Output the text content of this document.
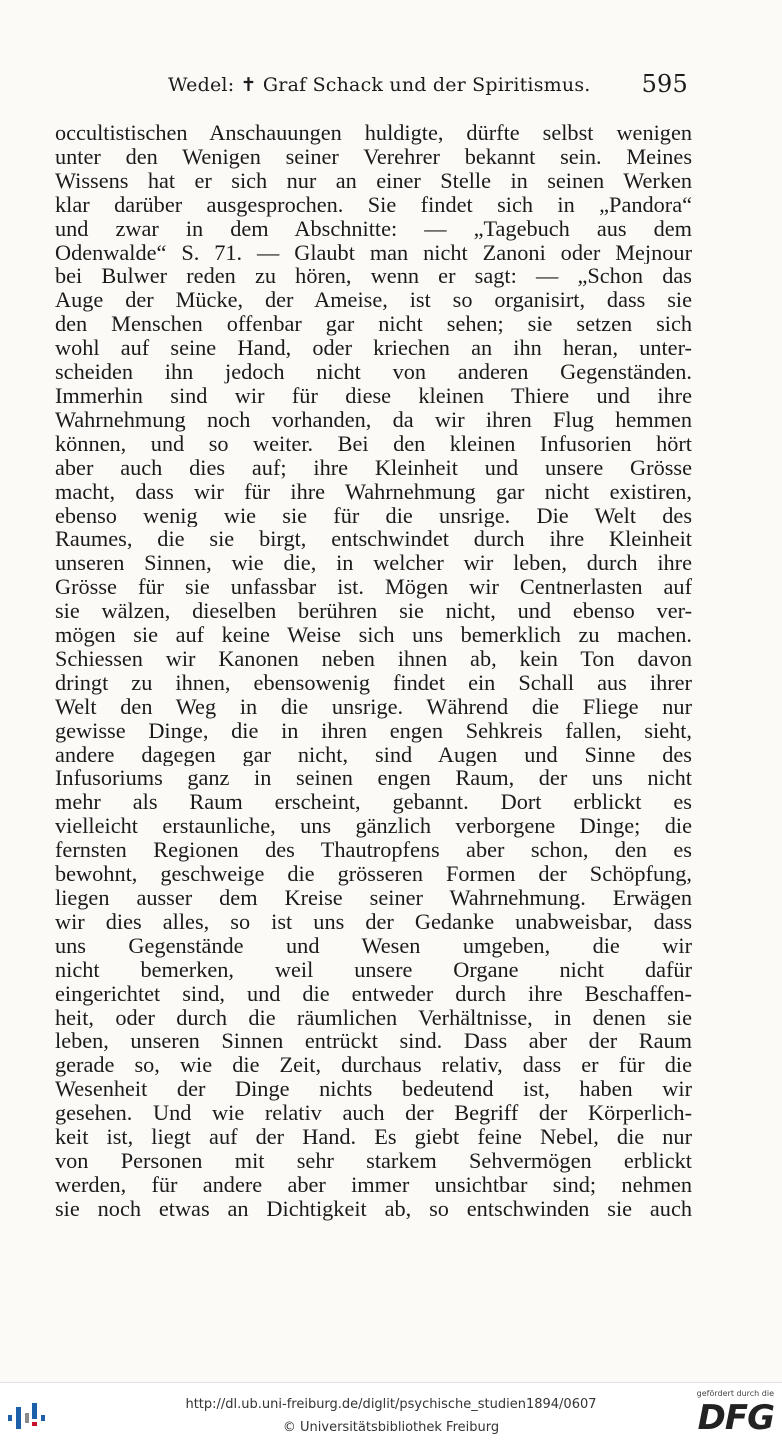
Wedel: ✝ Graf Schack und der Spiritismus. 595
occultistischen Anschauungen huldigte, dürfte selbst wenigen
unter den Wenigen seiner Verehrer bekannt sein. Meines
Wissens hat er sich nur an einer Stelle in seinen Werken
klar darüber ausgesprochen. Sie findet sich in „Pandora“
und zwar in dem Abschnitte: — „Tagebuch aus dem
Odenwalde“ S. 71. — Glaubt man nicht Zanoni oder Mejnour
bei Bulwer reden zu hören, wenn er sagt: — „Schon das
Auge der Mücke, der Ameise, ist so organisirt, dass sie
den Menschen offenbar gar nicht sehen; sie setzen sich
wohl auf seine Hand, oder kriechen an ihn heran, unter-
scheiden ihn jedoch nicht von anderen Gegenständen.
Immerhin sind wir für diese kleinen Thiere und ihre
Wahrnehmung noch vorhanden, da wir ihren Flug hemmen
können, und so weiter. Bei den kleinen Infusorien hört
aber auch dies auf; ihre Kleinheit und unsere Grösse
macht, dass wir für ihre Wahrnehmung gar nicht existiren,
ebenso wenig wie sie für die unsrige. Die Welt des
Raumes, die sie birgt, entschwindet durch ihre Kleinheit
unseren Sinnen, wie die, in welcher wir leben, durch ihre
Grösse für sie unfassbar ist. Mögen wir Centnerlasten auf
sie wälzen, dieselben berühren sie nicht, und ebenso ver-
mögen sie auf keine Weise sich uns bemerklich zu machen.
Schiessen wir Kanonen neben ihnen ab, kein Ton davon
dringt zu ihnen, ebensowenig findet ein Schall aus ihrer
Welt den Weg in die unsrige. Während die Fliege nur
gewisse Dinge, die in ihren engen Sehkreis fallen, sieht,
andere dagegen gar nicht, sind Augen und Sinne des
Infusoriums ganz in seinen engen Raum, der uns nicht
mehr als Raum erscheint, gebannt. Dort erblickt es
vielleicht erstaunliche, uns gänzlich verborgene Dinge; die
fernsten Regionen des Thautropfens aber schon, den es
bewohnt, geschweige die grösseren Formen der Schöpfung,
liegen ausser dem Kreise seiner Wahrnehmung. Erwägen
wir dies alles, so ist uns der Gedanke unabweisbar, dass
uns Gegenstände und Wesen umgeben, die wir
nicht bemerken, weil unsere Organe nicht dafür
eingerichtet sind, und die entweder durch ihre Beschaffen-
heit, oder durch die räumlichen Verhältnisse, in denen sie
leben, unseren Sinnen entrückt sind. Dass aber der Raum
gerade so, wie die Zeit, durchaus relativ, dass er für die
Wesenheit der Dinge nichts bedeutend ist, haben wir
gesehen. Und wie relativ auch der Begriff der Körperlich-
keit ist, liegt auf der Hand. Es giebt feine Nebel, die nur
von Personen mit sehr starkem Sehvermögen erblickt
werden, für andere aber immer unsichtbar sind; nehmen
sie noch etwas an Dichtigkeit ab, so entschwinden sie auch
http://dl.ub.uni-freiburg.de/diglit/psychische_studien1894/0607
© Universitätsbibliothek Freiburg
gefördert durch die
DFG
